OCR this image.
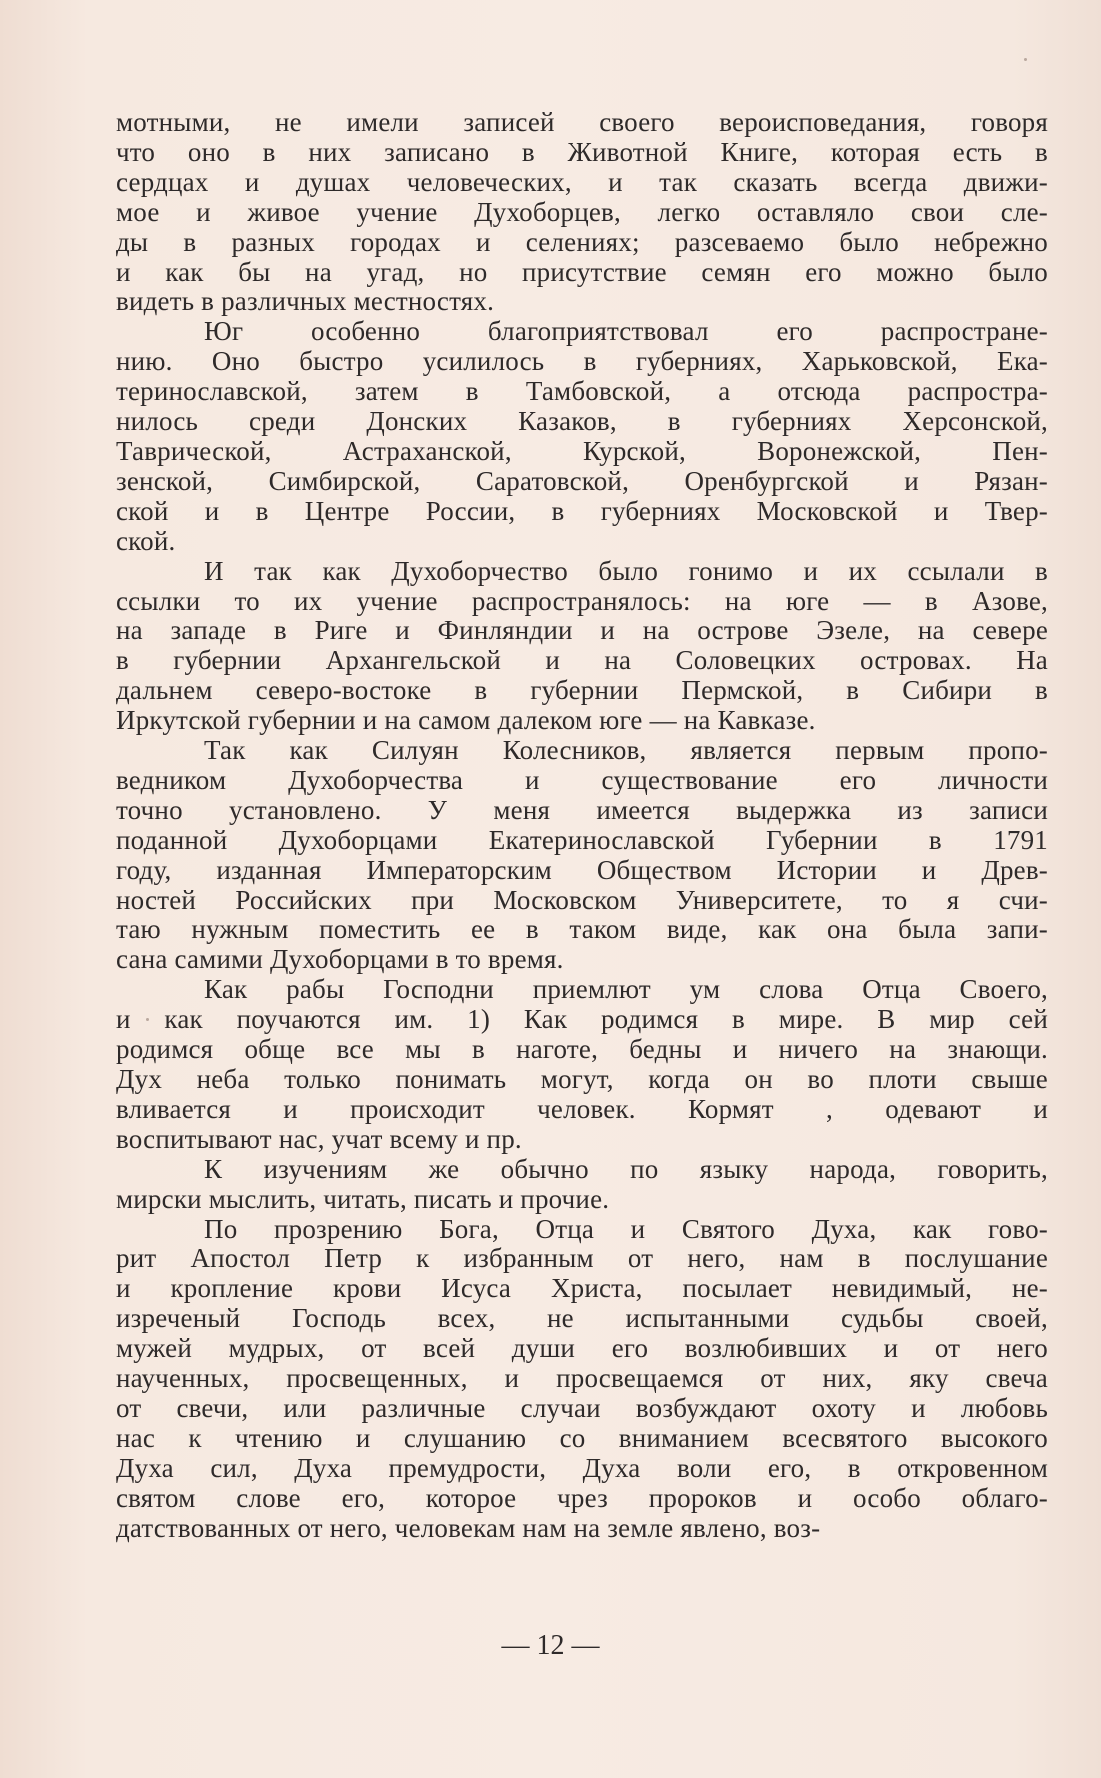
мотными, не имели записей своего вероисповедания, говоря
что оно в них записано в Животной Книге, которая есть в
сердцах и душах человеческих, и так сказать всегда движи-
мое и живое учение Духоборцев, легко оставляло свои сле-
ды в разных городах и селениях; разсеваемо было небрежно
и как бы на угад, но присутствие семян его можно было
видеть в различных местностях.

Юг особенно благоприятствовал его распростране-
нию. Оно быстро усилилось в губерниях, Харьковской, Ека-
теринославской, затем в Тамбовской, а отсюда распростра-
нилось среди Донских Казаков, в губерниях Херсонской,
Таврической, Астраханской, Курской, Воронежской, Пен-
зенской, Симбирской, Саратовской, Оренбургской и Рязан-
ской и в Центре России, в губерниях Московской и Твер-
ской.

И так как Духоборчество было гонимо и их ссылали в
ссылки то их учение распространялось: на юге — в Азове,
на западе в Риге и Финляндии и на острове Эзеле, на севере
в губернии Архангельской и на Соловецких островах. На
дальнем северо-востоке в губернии Пермской, в Сибири в
Иркутской губернии и на самом далеком юге — на Кавказе.

Так как Силуян Колесников, является первым пропо-
ведником Духоборчества и существование его личности
точно установлено. У меня имеется выдержка из записи
поданной Духоборцами Екатеринославской Губернии в 1791
году, изданная Императорским Обществом Истории и Древ-
ностей Российских при Московском Университете, то я счи-
таю нужным поместить ее в таком виде, как она была запи-
сана самими Духоборцами в то время.

Как рабы Господни приемлют ум слова Отца Своего,
и как поучаются им. 1) Как родимся в мире. В мир сей
родимся обще все мы в наготе, бедны и ничего на знающи.
Дух неба только понимать могут, когда он во плоти свыше
вливается и происходит человек. Кормят , одевают и
воспитывают нас, учат всему и пр.

К изучениям же обычно по языку народа, говорить,
мирски мыслить, читать, писать и прочие.

По прозрению Бога, Отца и Святого Духа, как гово-
рит Апостол Петр к избранным от него, нам в послушание
и кропление крови Исуса Христа, посылает невидимый, не-
изреченый Господь всех, не испытанными судьбы своей,
мужей мудрых, от всей души его возлюбивших и от него
наученных, просвещенных, и просвещаемся от них, яку свеча
от свечи, или различные случаи возбуждают охоту и любовь
нас к чтению и слушанию со вниманием всесвятого высокого
Духа сил, Духа премудрости, Духа воли его, в откровенном
святом слове его, которое чрез пророков и особо облаго-
датствованных от него, человекам нам на земле явлено, воз-

— 12 —
